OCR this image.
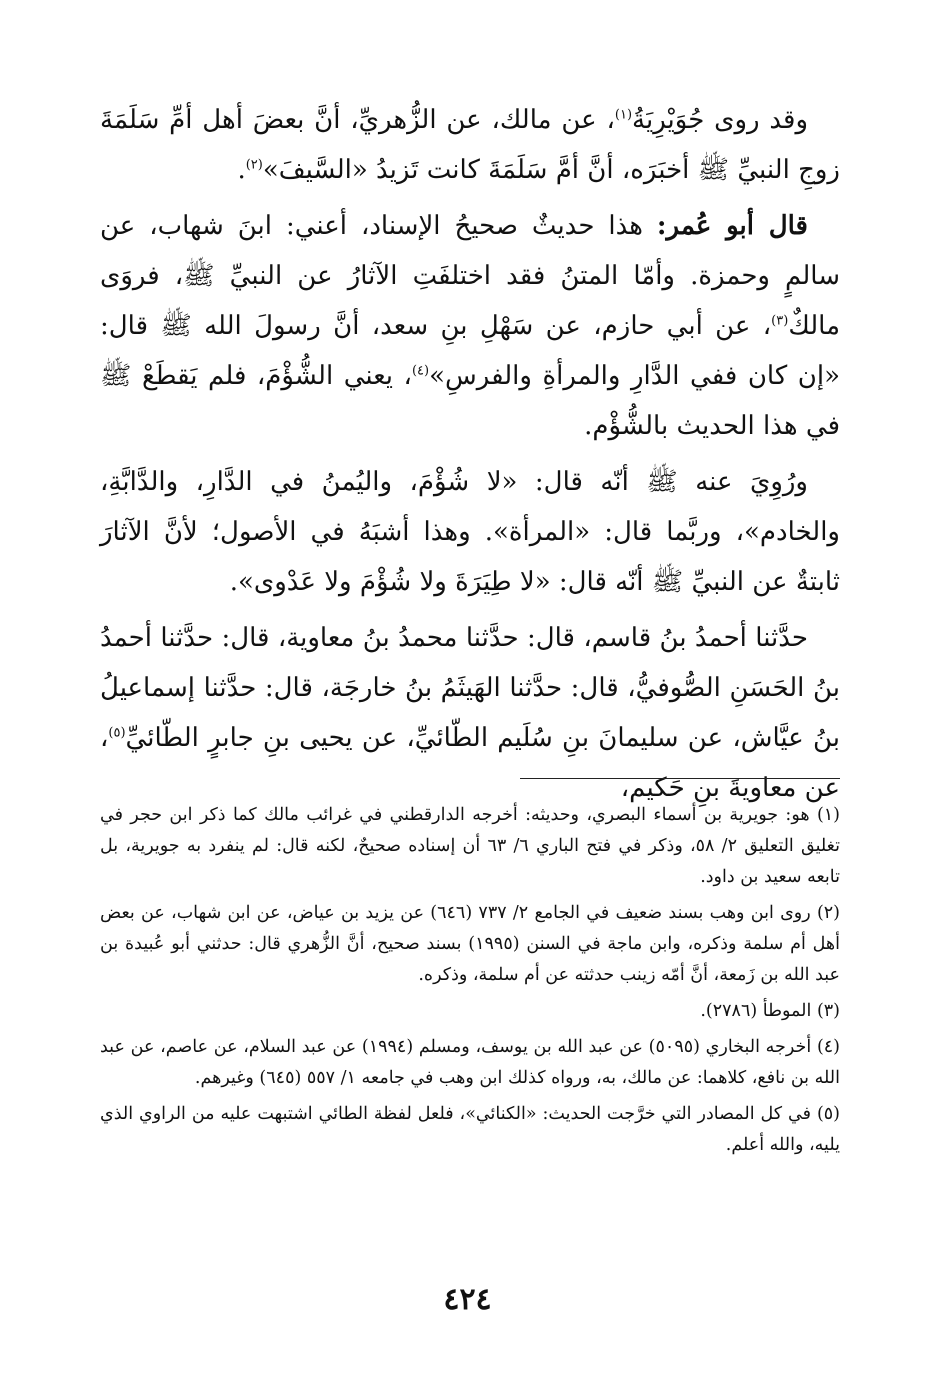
وقد روى جُوَيْرِيَةُ$^{(١)}$، عن مالك، عن الزُّهريِّ، أنَّ بعضَ أهل أمِّ سَلَمَةَ زوجِ النبيِّ ﷺ أخبَرَه، أنَّ أمَّ سَلَمَةَ كانت تَزيدُ «السَّيفَ»$^{(٢)}$.

قال أبو عُمر: هذا حديثٌ صحيحُ الإسناد، أعني: ابنَ شهاب، عن سالمٍ وحمزة. وأمّا المتنُ فقد اختلفَتِ الآثارُ عن النبيِّ ﷺ، فروَى مالكٌ$^{(٣)}$، عن أبي حازم، عن سَهْلِ بنِ سعد، أنَّ رسولَ الله ﷺ قال: «إن كان ففي الدَّارِ والمرأةِ والفرسِ»$^{(٤)}$، يعني الشُّؤْمَ، فلم يَقطَعْ ﷺ في هذا الحديث بالشُّؤْم.

ورُوِيَ عنه ﷺ أنّه قال: «لا شُؤْمَ، واليُمنُ في الدَّارِ، والدَّابَّةِ، والخادم»، وربَّما قال: «المرأة». وهذا أشبَهُ في الأصول؛ لأنَّ الآثارَ ثابتةٌ عن النبيِّ ﷺ أنّه قال: «لا طِيَرَةَ ولا شُؤْمَ ولا عَدْوى».

حدَّثنا أحمدُ بنُ قاسم، قال: حدَّثنا محمدُ بنُ معاوية، قال: حدَّثنا أحمدُ بنُ الحَسَنِ الصُّوفيُّ، قال: حدَّثنا الهَيثَمُ بنُ خارجَة، قال: حدَّثنا إسماعيلُ بنُ عيَّاش، عن سليمانَ بنِ سُلَيم الطّائيِّ، عن يحيى بنِ جابرٍ الطّائيِّ$^{(٥)}$، عن معاويةَ بنِ حَكيم،

(١) هو: جويرية بن أسماء البصري، وحديثه: أخرجه الدارقطني في غرائب مالك كما ذكر ابن حجر في تغليق التعليق ٢/ ٥٨، وذكر في فتح الباري ٦/ ٦٣ أن إسناده صحيحٌ، لكنه قال: لم ينفرد به جويرية، بل تابعه سعيد بن داود.

(٢) روى ابن وهب بسند ضعيف في الجامع ٢/ ٧٣٧ (٦٤٦) عن يزيد بن عياض، عن ابن شهاب، عن بعض أهل أم سلمة وذكره، وابن ماجة في السنن (١٩٩٥) بسند صحيح، أنَّ الزُّهري قال: حدثني أبو عُبيدة بن عبد الله بن زَمعة، أنَّ أمّه زينب حدثته عن أم سلمة، وذكره.

(٣) الموطأ (٢٧٨٦).

(٤) أخرجه البخاري (٥٠٩٥) عن عبد الله بن يوسف، ومسلم (١٩٩٤) عن عبد السلام، عن عاصم، عن عبد الله بن نافع، كلاهما: عن مالك، به، ورواه كذلك ابن وهب في جامعه ١/ ٥٥٧ (٦٤٥) وغيرهم.

(٥) في كل المصادر التي خرَّجت الحديث: «الكنائي»، فلعل لفظة الطائي اشتبهت عليه من الراوي الذي يليه، والله أعلم.

٤٢٤
